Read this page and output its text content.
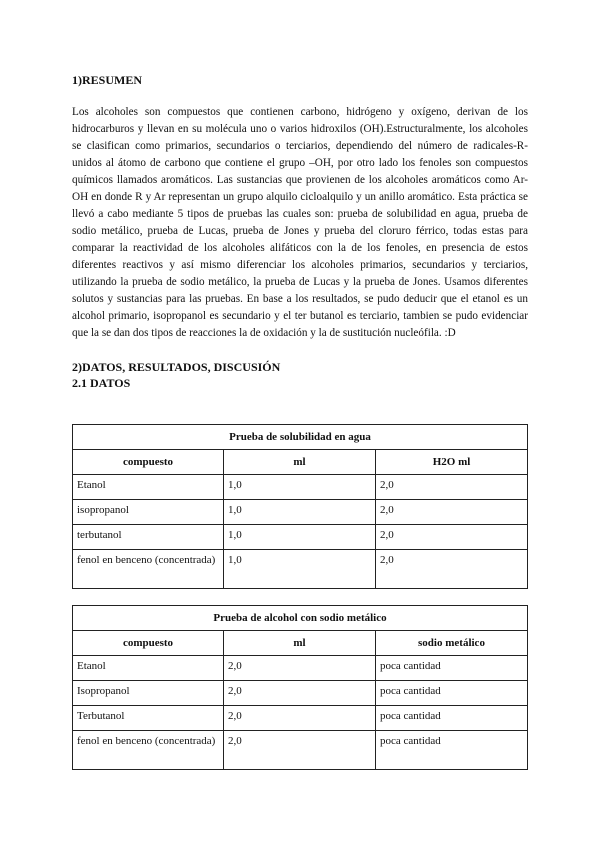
1)RESUMEN

Los alcoholes son compuestos que contienen carbono, hidrógeno y oxígeno, derivan de los hidrocarburos y llevan en su molécula uno o varios hidroxilos (OH).Estructuralmente, los alcoholes se clasifican como primarios, secundarios o terciarios, dependiendo del número de radicales-R- unidos al átomo de carbono que contiene el grupo –OH, por otro lado los fenoles son compuestos químicos llamados aromáticos. Las sustancias que provienen de los alcoholes aromáticos como Ar-OH en donde R y Ar representan un grupo alquilo cicloalquilo y un anillo aromático. Esta práctica se llevó a cabo mediante 5 tipos de pruebas las cuales son: prueba de solubilidad en agua, prueba de sodio metálico, prueba de Lucas, prueba de Jones y prueba del cloruro férrico, todas estas para comparar la reactividad de los alcoholes alifáticos con la de los fenoles, en presencia de estos diferentes reactivos y así mismo diferenciar los alcoholes primarios, secundarios y terciarios, utilizando la prueba de sodio metálico, la prueba de Lucas y la prueba de Jones. Usamos diferentes solutos y sustancias para las pruebas. En base a los resultados, se pudo deducir que el etanol es un alcohol primario, isopropanol es secundario y el ter butanol es terciario, tambien se pudo evidenciar que la se dan dos tipos de reacciones la de oxidación y la de sustitución nucleófila. :D

2)DATOS, RESULTADOS, DISCUSIÓN
2.1 DATOS
Prueba de solubilidad en agua		
compuesto	ml	H2O ml
Etanol	1,0	2,0
isopropanol	1,0	2,0
terbutanol	1,0	2,0
fenol en benceno (concentrada)	1,0	2,0
Prueba de alcohol con sodio metálico		
compuesto	ml	sodio metálico
Etanol	2,0	poca cantidad
Isopropanol	2,0	poca cantidad
Terbutanol	2,0	poca cantidad
fenol en benceno (concentrada)	2,0	poca cantidad
